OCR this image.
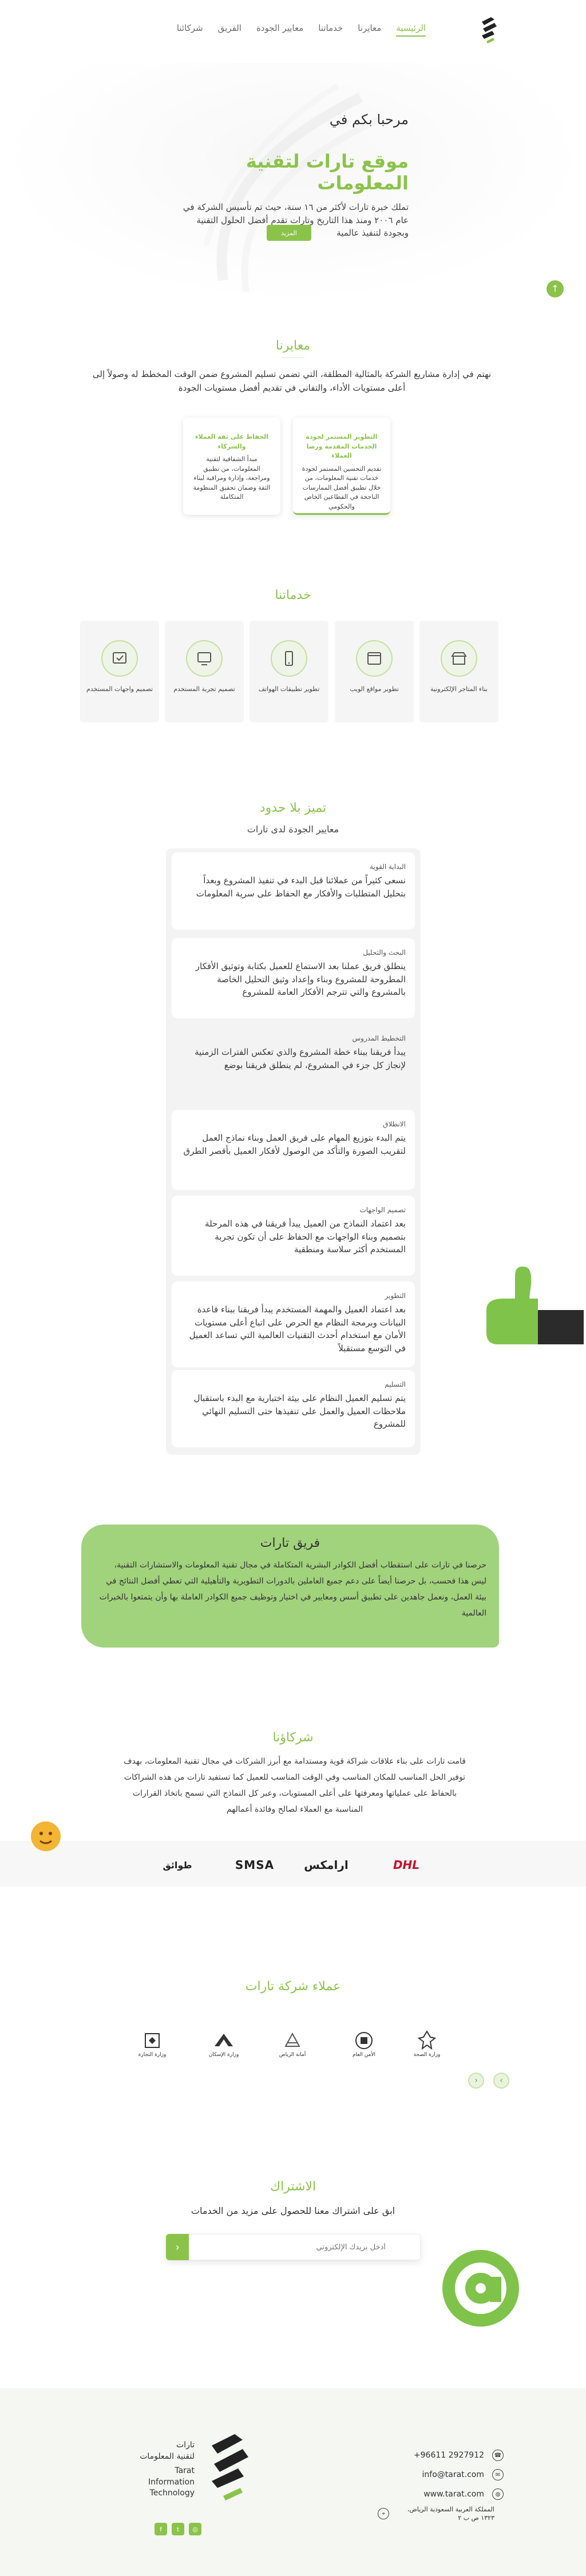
الرئيسية
معايرنا
خدماتنا
معايير الجودة
الفريق
شركائنا
مرحبا بكم في
موقع تارات لتقنية المعلومات
تملك خبرة تارات لأكثر من ١٦ سنة، حيث تم تأسيس الشركة في عام ٢٠٠٦ ومنذ هذا التاريخ وتارات تقدم أفضل الحلول التقنية وبجودة لتنفيذ عالمية
المزيد
↑
معايرنا
نهتم في إدارة مشاريع الشركة بالمثالية المطلقة، التي تضمن تسليم المشروع ضمن الوقت المخطط له وصولاً إلى أعلى مستويات الأداء، والتفاني في تقديم أفضل مستويات الجودة
التطوير المستمر لجودة الخدمات المقدمة ورضا العملاء
تقديم التحسين المستمر لجودة خدمات تقنية المعلومات، من خلال تطبيق أفضل الممارسات الناجحة في القطاعين الخاص والحكومي
الحفاظ على ثقة العملاء والشركاء
مبدأ الشفافية لتقنية المعلومات، من تطبيق ومراجعة، وإدارة ومراقبة لبناء الثقة وضمان تحقيق المنظومة المتكاملة
خدماتنا
بناء المتاجر الإلكترونية
تطوير مواقع الويب
تطوير تطبيقات الهواتف
تصميم تجربة المستخدم
تصميم واجهات المستخدم
تميز بلا حدود
معايير الجودة لدى تارات
البداية القوية
نسعى كثيراً من عملائنا قبل البدء في تنفيذ المشروع وبعداً بتحليل المتطلبات والأفكار مع الحفاظ على سرية المعلومات
البحث والتحليل
ينطلق فريق عملنا بعد الاستماع للعميل بكتابة وتوثيق الأفكار المطروحة للمشروع وبناء وإعداد وثيق التحليل الخاصة بالمشروع والتي تترجم الأفكار العامة للمشروع
التخطيط المدروس
يبدأ فريقنا ببناء خطة المشروع والذي تعكس الفترات الزمنية لإنجاز كل جزء في المشروع، لم ينطلق فريقنا بوضع
الانطلاق
يتم البدء بتوزيع المهام على فريق العمل وبناء نماذج العمل لتقريب الصورة والتأكد من الوصول لأفكار العميل بأقصر الطرق
تصميم الواجهات
بعد اعتماد النماذج من العميل يبدأ فريقنا في هذه المرحلة بتصميم وبناء الواجهات مع الحفاظ على أن تكون تجربة المستخدم أكثر سلاسة ومنطقية
التطوير
بعد اعتماد العميل والمهمة المستخدم يبدأ فريقنا ببناء قاعدة البيانات وبرمجة النظام مع الحرص على اتباع أعلى مستويات الأمان مع استخدام أحدث التقنيات العالمية التي تساعد العميل في التوسع مستقبلاً
التسليم
يتم تسليم العميل النظام على بيئة اختبارية مع البدء باستقبال ملاحظات العميل والعمل على تنفيذها حتى التسليم النهائي للمشروع
فريق تارات
حرصنا في تارات على استقطاب أفضل الكوادر البشرية المتكاملة في مجال تقنية المعلومات والاستشارات التقنية، ليس هذا فحسب، بل حرصنا أيضاً على دعم جميع العاملين بالدورات التطويرية والتأهيلية التي تعطي أفضل النتائج في بيئة العمل، ونعمل جاهدين على تطبيق أسس ومعايير في اختيار وتوظيف جميع الكوادر العاملة بها وأن يتمتعوا بالخبرات العالمية
شركاؤنا
قامت تارات على بناء علاقات شراكة قوية ومستدامة مع أبرز الشركات في مجال تقنية المعلومات، بهدف توفير الحل المناسب للمكان المناسب وفي الوقت المناسب للعميل كما تستفيد تارات من هذه الشراكات بالحفاظ على عملياتها ومعرفتها على أعلى المستويات، وعبر كل النماذج التي تسمح باتخاذ القرارات المناسبة مع العملاء لصالح وفائدة أعمالهم
DHL
ارامكس
SMSA
طوائق
عملاء شركة تارات
وزارة الصحة
الأمن العام
أمانة الرياض
وزارة الإسكان
وزارة التجارة
›
‹
الاشتراك
ابق على اشتراك معنا للحصول على مزيد من الخدمات
أدخل بريدك الإلكتروني
‹
☎
+96611 2927912
✉
info@tarat.com
◍
www.tarat.com
المملكة العربية السعودية الرياض، ١٣٢٣ ص ب ٢
⌖
تارات
لتقنية المعلومات
Tarat
Information Technology
f	t	◎
